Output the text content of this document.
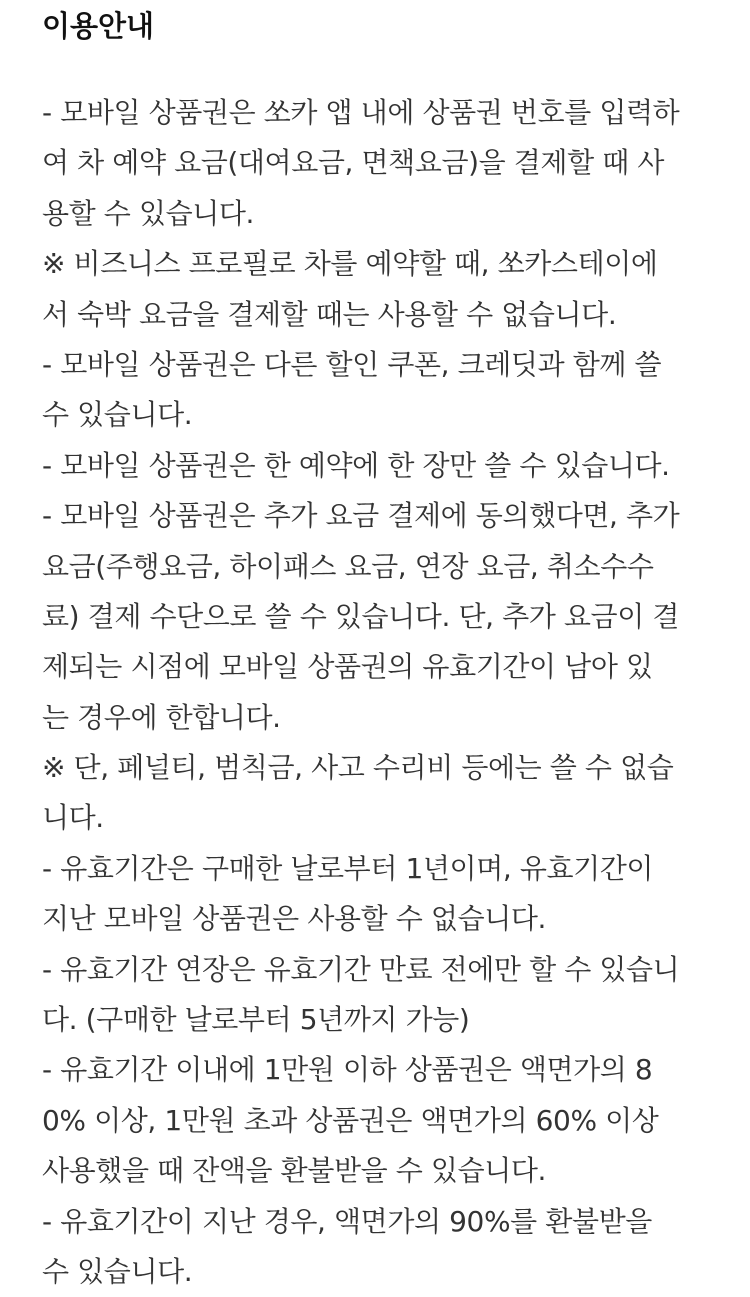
이용안내
- 모바일 상품권은 쏘카 앱 내에 상품권 번호를 입력하
여 차 예약 요금(대여요금, 면책요금)을 결제할 때 사
용할 수 있습니다.
※ 비즈니스 프로필로 차를 예약할 때, 쏘카스테이에
서 숙박 요금을 결제할 때는 사용할 수 없습니다.
- 모바일 상품권은 다른 할인 쿠폰, 크레딧과 함께 쓸
수 있습니다.
- 모바일 상품권은 한 예약에 한 장만 쓸 수 있습니다.
- 모바일 상품권은 추가 요금 결제에 동의했다면, 추가
요금(주행요금, 하이패스 요금, 연장 요금, 취소수수
료) 결제 수단으로 쓸 수 있습니다. 단, 추가 요금이 결
제되는 시점에 모바일 상품권의 유효기간이 남아 있
는 경우에 한합니다.
※ 단, 페널티, 범칙금, 사고 수리비 등에는 쓸 수 없습
니다.
- 유효기간은 구매한 날로부터 1년이며, 유효기간이
지난 모바일 상품권은 사용할 수 없습니다.
- 유효기간 연장은 유효기간 만료 전에만 할 수 있습니
다. (구매한 날로부터 5년까지 가능)
- 유효기간 이내에 1만원 이하 상품권은 액면가의 8
0% 이상, 1만원 초과 상품권은 액면가의 60% 이상
사용했을 때 잔액을 환불받을 수 있습니다.
- 유효기간이 지난 경우, 액면가의 90%를 환불받을
수 있습니다.
